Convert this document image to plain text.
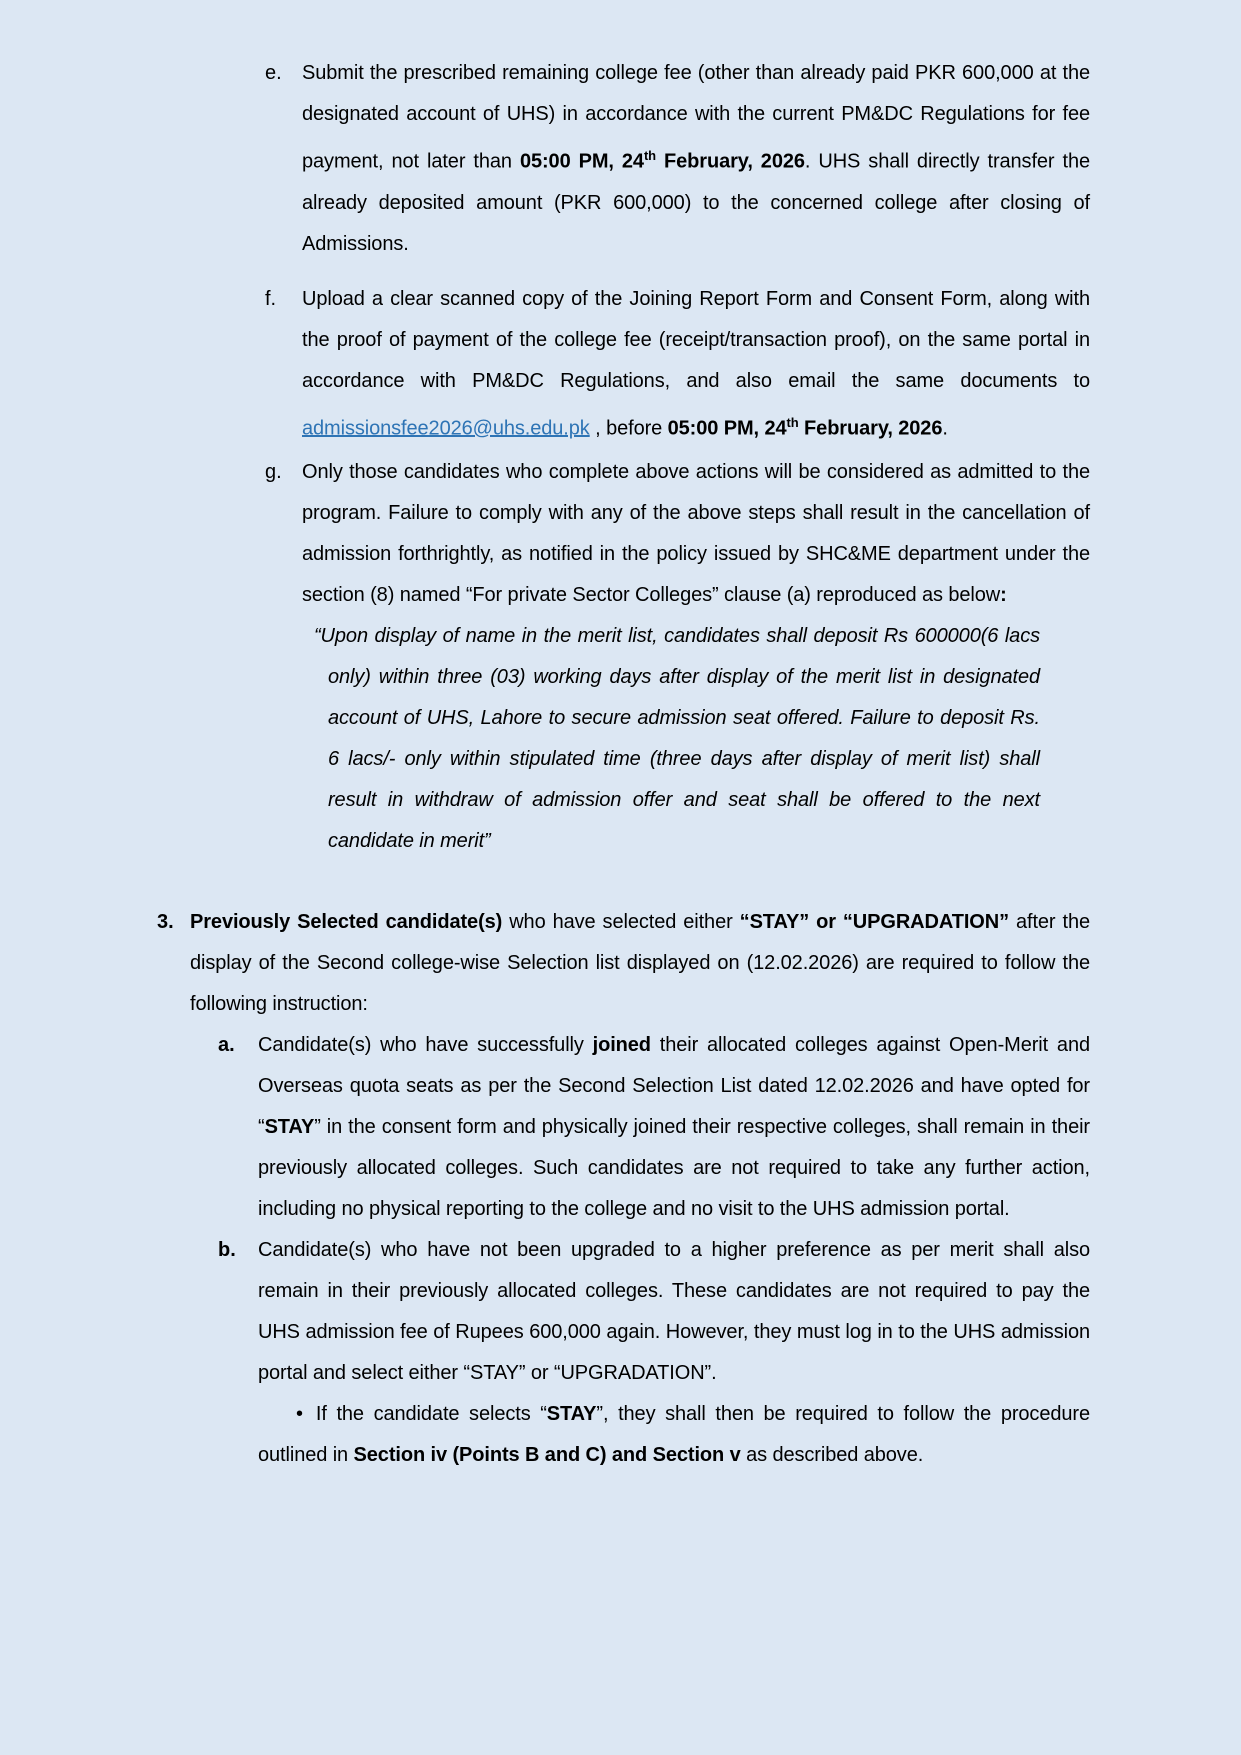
e. Submit the prescribed remaining college fee (other than already paid PKR 600,000 at the designated account of UHS) in accordance with the current PM&DC Regulations for fee payment, not later than 05:00 PM, 24th February, 2026. UHS shall directly transfer the already deposited amount (PKR 600,000) to the concerned college after closing of Admissions.

f. Upload a clear scanned copy of the Joining Report Form and Consent Form, along with the proof of payment of the college fee (receipt/transaction proof), on the same portal in accordance with PM&DC Regulations, and also email the same documents to admissionsfee2026@uhs.edu.pk , before 05:00 PM, 24th February, 2026.

g. Only those candidates who complete above actions will be considered as admitted to the program. Failure to comply with any of the above steps shall result in the cancellation of admission forthrightly, as notified in the policy issued by SHC&ME department under the section (8) named “For private Sector Colleges” clause (a) reproduced as below:

“Upon display of name in the merit list, candidates shall deposit Rs 600000(6 lacs only) within three (03) working days after display of the merit list in designated account of UHS, Lahore to secure admission seat offered. Failure to deposit Rs. 6 lacs/- only within stipulated time (three days after display of merit list) shall result in withdraw of admission offer and seat shall be offered to the next candidate in merit”

3. Previously Selected candidate(s) who have selected either “STAY” or “UPGRADATION” after the display of the Second college-wise Selection list displayed on (12.02.2026) are required to follow the following instruction:

a. Candidate(s) who have successfully joined their allocated colleges against Open-Merit and Overseas quota seats as per the Second Selection List dated 12.02.2026 and have opted for “STAY” in the consent form and physically joined their respective colleges, shall remain in their previously allocated colleges. Such candidates are not required to take any further action, including no physical reporting to the college and no visit to the UHS admission portal.

b. Candidate(s) who have not been upgraded to a higher preference as per merit shall also remain in their previously allocated colleges. These candidates are not required to pay the UHS admission fee of Rupees 600,000 again. However, they must log in to the UHS admission portal and select either “STAY” or “UPGRADATION”.

• If the candidate selects “STAY”, they shall then be required to follow the procedure outlined in Section iv (Points B and C) and Section v as described above.
